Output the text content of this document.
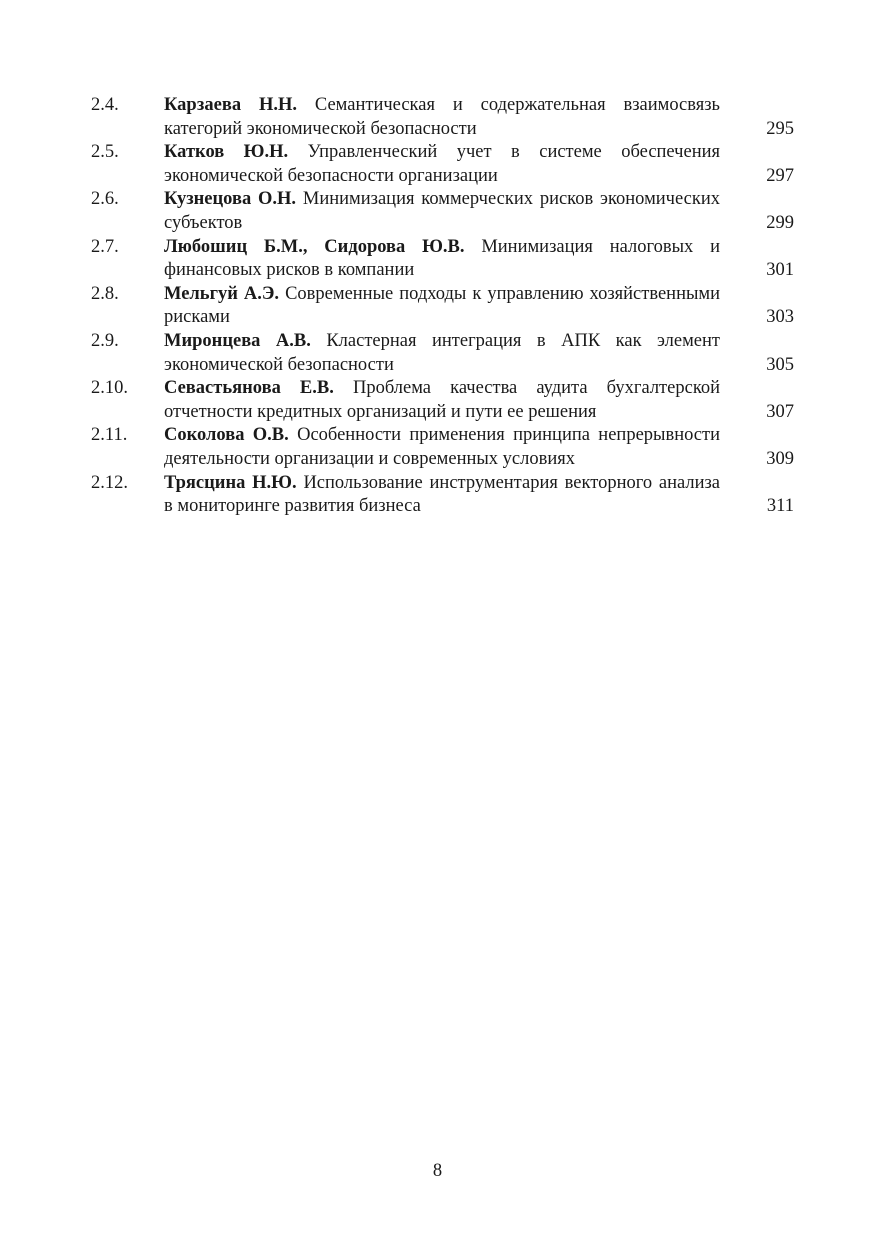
2.4.	Карзаева Н.Н. Семантическая и содержательная взаимосвязь категорий экономической безопасности	295
2.5.	Катков Ю.Н. Управленческий учет в системе обеспечения экономической безопасности организации	297
2.6.	Кузнецова О.Н. Минимизация коммерческих рисков экономических субъектов	299
2.7.	Любошиц Б.М., Сидорова Ю.В. Минимизация налоговых и финансовых рисков в компании	301
2.8.	Мельгуй А.Э. Современные подходы к управлению хозяйственными рисками	303
2.9.	Миронцева А.В. Кластерная интеграция в АПК как элемент экономической безопасности	305
2.10.	Севастьянова Е.В. Проблема качества аудита бухгалтерской отчетности кредитных организаций и пути ее решения	307
2.11.	Соколова О.В. Особенности применения принципа непрерывности деятельности организации и современных условиях	309
2.12.	Трясцина Н.Ю. Использование инструментария векторного анализа в мониторинге развития бизнеса	311
8
